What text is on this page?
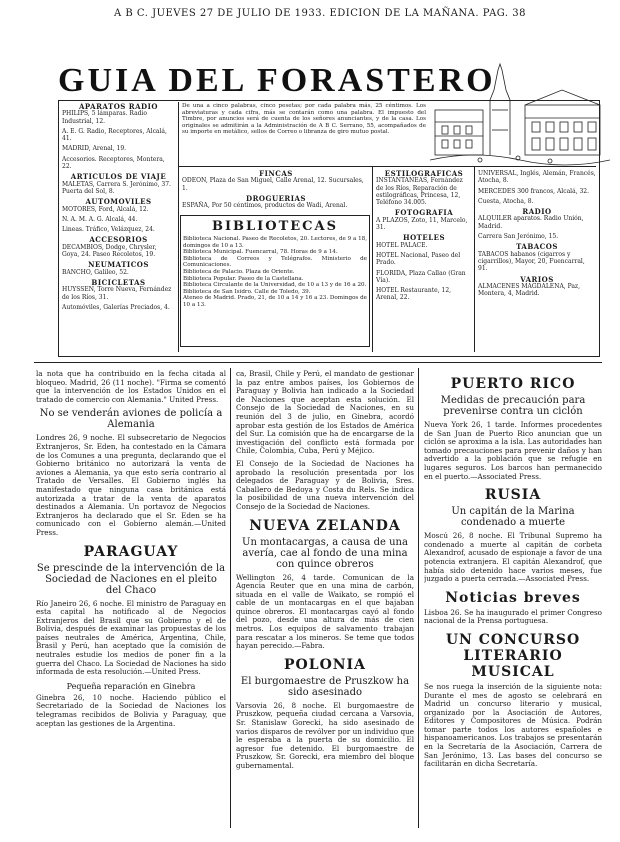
A B C. JUEVES 27 DE JULIO DE 1933. EDICION DE LA MAÑANA. PAG. 38
GUIA DEL FORASTERO
De una a cinco palabras, cinco pesetas; por cada palabra más, 25 céntimos. Los abreviaturas y cada cifra, más se contarán como una palabra. El impuesto del Timbre, por anuncios será de cuenta de los señores anunciantes, y de la casa. Los originales se admitirán a la Administración de A B C. Serrano, 55, acompañados de su importe en metálico, sellos de Correo o libranza de giro mutuo postal.
APARATOS RADIO
PHILIPS, 5 lámparas. Radio Industrial, 12.
A. E. G. Radio, Receptores, Alcalá, 41.
MADRID, Arenal, 19.
Accesorios. Receptores, Montera, 22.
ARTICULOS DE VIAJE
MALETAS, Carrera S. Jerónimo, 37. Puerta del Sol, 8.
AUTOMOVILES
MOTORES, Ford, Alcalá, 12.
N. A. M. A. G. Alcalá, 44.
Lineas. Tráfico, Velázquez, 24.
ACCESORIOS
DECAMBIOS, Dodge, Chrysler, Goya, 24. Paseo Recoletos, 19.
NEUMATICOS
BANCHO, Galileo, 52.
BICICLETAS
HUYSSEN, Torre Nueva, Fernández de los Ríos, 31.
Automóviles, Galerías Preciados, 4.
FINCAS
ODEON, Plaza de San Miguel, Calle Arenal, 12. Sucursales, 1.
DROGUERIAS
ESPAÑA, Por 50 céntimos, productos de Wadi, Arenal.
BIBLIOTECAS
Biblioteca Nacional. Paseo de Recoletos, 20. Lectores, de 9 a 18, domingos de 10 a 13.
Biblioteca Municipal. Fuencarral, 78. Horas de 9 a 14.
Biblioteca de Correos y Telégrafos. Ministerio de Comunicaciones.
Biblioteca de Palacio. Plaza de Oriente.
Biblioteca Popular. Paseo de la Castellana.
Biblioteca Circulante de la Universidad, de 10 a 13 y de 16 a 20.
Biblioteca de San Isidro. Calle de Toledo, 39.
Ateneo de Madrid. Prado, 21, de 10 a 14 y 16 a 23. Domingos de 10 a 13.
ESTILOGRAFICAS
INSTANTANEAS, Fernández de los Ríos, Reparación de estilográficas, Princesa, 12, Teléfono 34.005.
FOTOGRAFIA
A PLAZOS, Zoto, 11, Marcelo, 31.
HOTELES
HOTEL PALACE.
HOTEL Nacional, Paseo del Prado.
FLORIDA, Plaza Callao (Gran Vía).
HOTEL Restaurante, 12, Arenal, 22.
UNIVERSAL, Inglés, Alemán, Francés, Atocha, 8.
MERCEDES 300 francos, Alcalá, 32.
Cuesta, Atocha, 8.
RADIO
ALQUILER aparatos. Radio Unión, Madrid.
Carrera San Jerónimo, 15.
TABACOS
TABACOS habanos (cigarros y cigarrillos), Mayor, 20, Fuencarral, 91.
VARIOS
ALMACENES MAGDALENA, Paz, Montera, 4, Madrid.
la nota que ha contribuido en la fecha citada al bloqueo. Madrid, 26 (11 noche). "Firma se comentó que la intervención de los Estados Unidos en el tratado de comercio con Alemania." United Press.
No se venderán aviones de policía a Alemania
Londres 26, 9 noche. El subsecretario de Negocios Extranjeros, Sr. Eden, ha contestado en la Cámara de los Comunes a una pregunta, declarando que el Gobierno británico no autorizará la venta de aviones a Alemania, ya que esto sería contrario al Tratado de Versalles. El Gobierno inglés ha manifestado que ninguna casa británica está autorizada a tratar de la venta de aparatos destinados a Alemania. Un portavoz de Negocios Extranjeros ha declarado que el Sr. Eden se ha comunicado con el Gobierno alemán.—United Press.
PARAGUAY
Se prescinde de la intervención de la Sociedad de Naciones en el pleito del Chaco
Río Janeiro 26, 6 noche. El ministro de Paraguay en esta capital ha notificado al de Negocios Extranjeros del Brasil que su Gobierno y el de Bolivia, después de examinar las propuestas de los países neutrales de América, Argentina, Chile, Brasil y Perú, han aceptado que la comisión de neutrales estudie los medios de poner fin a la guerra del Chaco. La Sociedad de Naciones ha sido informada de esta resolución.—United Press.
Pequeña reparación en Ginebra
Ginebra 26, 10 noche. Haciendo público el Secretariado de la Sociedad de Naciones los telegramas recibidos de Bolivia y Paraguay, que aceptan las gestiones de la Argentina.
ca, Brasil, Chile y Perú, el mandato de gestionar la paz entre ambos países, los Gobiernos de Paraguay y Bolivia han indicado a la Sociedad de Naciones que aceptan esta solución. El Consejo de la Sociedad de Naciones, en su reunión del 3 de julio, en Ginebra, acordó aprobar esta gestión de los Estados de América del Sur. La comisión que ha de encargarse de la investigación del conflicto está formada por Chile, Colombia, Cuba, Perú y Méjico.
El Consejo de la Sociedad de Naciones ha aprobado la resolución presentada por los delegados de Paraguay y de Bolivia, Sres. Caballero de Bedoya y Costa du Rels. Se indica la posibilidad de una nueva intervención del Consejo de la Sociedad de Naciones.
NUEVA ZELANDA
Un montacargas, a causa de una avería, cae al fondo de una mina con quince obreros
Wellington 26, 4 tarde. Comunican de la Agencia Reuter que en una mina de carbón, situada en el valle de Waikato, se rompió el cable de un montacargas en el que bajaban quince obreros. El montacargas cayó al fondo del pozo, desde una altura de más de cien metros. Los equipos de salvamento trabajan para rescatar a los mineros. Se teme que todos hayan perecido.—Fabra.
POLONIA
El burgomaestre de Pruszkow ha sido asesinado
Varsovia 26, 8 noche. El burgomaestre de Pruszkow, pequeña ciudad cercana a Varsovia, Sr. Stanislaw Gorecki, ha sido asesinado de varios disparos de revólver por un individuo que le esperaba a la puerta de su domicilio. El agresor fue detenido. El burgomaestre de Pruszkow, Sr. Gorecki, era miembro del bloque gubernamental.
PUERTO RICO
Medidas de precaución para prevenirse contra un ciclón
Nueva York 26, 1 tarde. Informes procedentes de San Juan de Puerto Rico anuncian que un ciclón se aproxima a la isla. Las autoridades han tomado precauciones para prevenir daños y han advertido a la población que se refugie en lugares seguros. Los barcos han permanecido en el puerto.—Associated Press.
RUSIA
Un capitán de la Marina condenado a muerte
Moscú 26, 8 noche. El Tribunal Supremo ha condenado a muerte al capitán de corbeta Alexandrof, acusado de espionaje a favor de una potencia extranjera. El capitán Alexandrof, que había sido detenido hace varios meses, fue juzgado a puerta cerrada.—Associated Press.
Noticias breves
Lisboa 26. Se ha inaugurado el primer Congreso nacional de la Prensa portuguesa.
UN CONCURSO LITERARIO MUSICAL
Se nos ruega la inserción de la siguiente nota: Durante el mes de agosto se celebrará en Madrid un concurso literario y musical, organizado por la Asociación de Autores, Editores y Compositores de Música. Podrán tomar parte todos los autores españoles e hispanoamericanos. Los trabajos se presentarán en la Secretaría de la Asociación, Carrera de San Jerónimo, 13. Las bases del concurso se facilitarán en dicha Secretaría.
